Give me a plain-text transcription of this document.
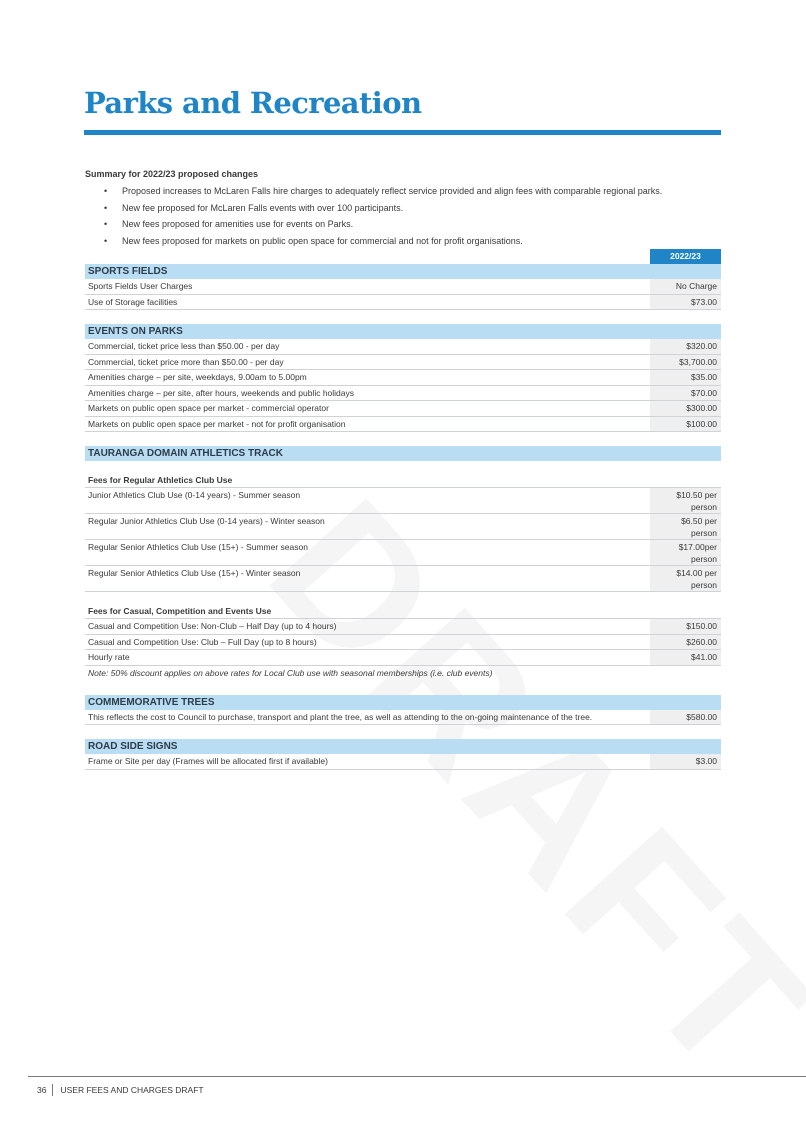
Parks and Recreation
Summary for 2022/23 proposed changes
• Proposed increases to McLaren Falls hire charges to adequately reflect service provided and align fees with comparable regional parks.
• New fee proposed for McLaren Falls events with over 100 participants.
• New fees proposed for amenities use for events on Parks.
• New fees proposed for markets on public open space for commercial and not for profit organisations.
2022/23
SPORTS FIELDS
Sports Fields User Charges	No Charge
Use of Storage facilities	$73.00
EVENTS ON PARKS
Commercial, ticket price less than $50.00 - per day	$320.00
Commercial, ticket price more than $50.00 - per day	$3,700.00
Amenities charge – per site, weekdays, 9.00am to 5.00pm	$35.00
Amenities charge – per site, after hours, weekends and public holidays	$70.00
Markets on public open space per market - commercial operator	$300.00
Markets on public open space per market - not for profit organisation	$100.00
TAURANGA DOMAIN ATHLETICS TRACK
Fees for Regular Athletics Club Use
Junior Athletics Club Use (0-14 years) - Summer season	$10.50 per
person
Regular Junior Athletics Club Use (0-14 years) - Winter season	$6.50 per
person
Regular Senior Athletics Club Use (15+) - Summer season	$17.00per
person
Regular Senior Athletics Club Use (15+) - Winter season	$14.00 per
person
Fees for Casual, Competition and Events Use
Casual and Competition Use: Non-Club – Half Day (up to 4 hours)	$150.00
Casual and Competition Use: Club – Full Day (up to 8 hours)	$260.00
Hourly rate	$41.00
Note: 50% discount applies on above rates for Local Club use with seasonal memberships (i.e. club events)
COMMEMORATIVE TREES
This reflects the cost to Council to purchase, transport and plant the tree, as well as attending to the on-going maintenance of the tree.	$580.00
ROAD SIDE SIGNS
Frame or Site per day (Frames will be allocated first if available)	$3.00
36 USER FEES AND CHARGES DRAFT
